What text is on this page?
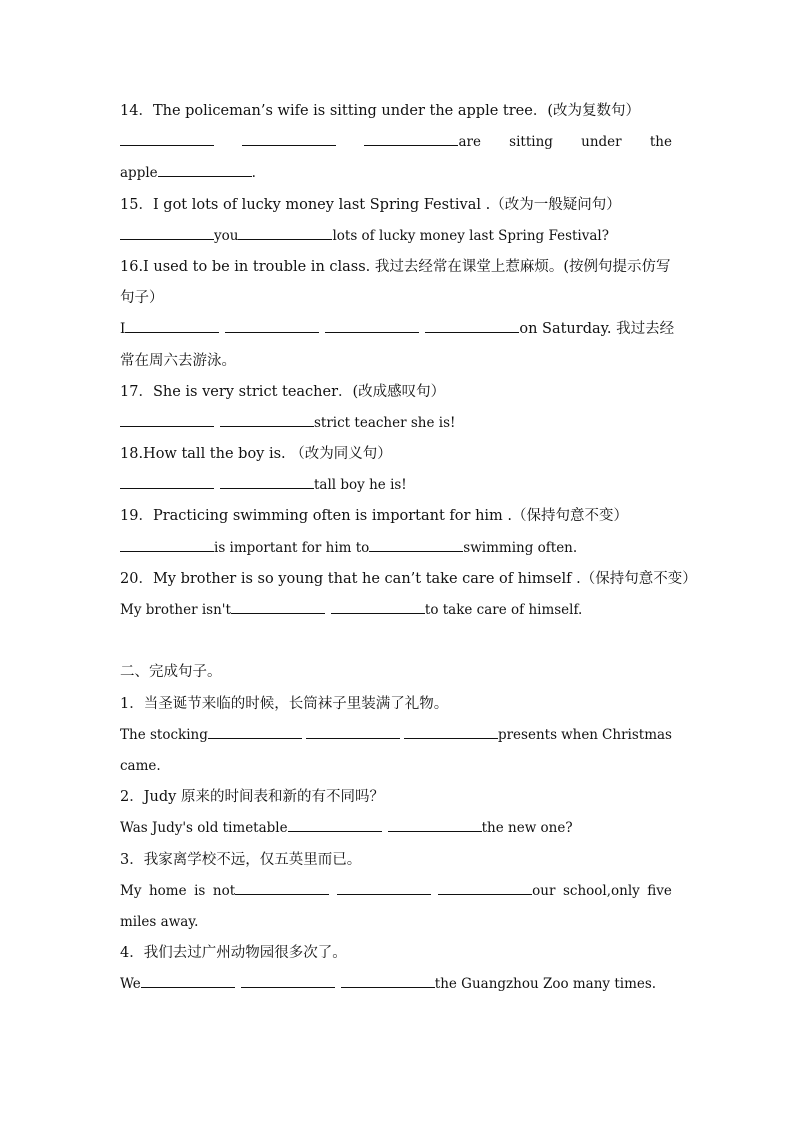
14．The policeman’s wife is sitting under the apple tree．(改为复数句）
are sitting under the
apple	.
15．I got lots of lucky money last Spring Festival .（改为一般疑问句）
you	lots of lucky money last Spring Festival?
16.I used to be in trouble in class. 我过去经常在课堂上惹麻烦。(按例句提示仿写
句子）
I	on Saturday. 我过去经
常在周六去游泳。
17．She is very strict teacher．(改成感叹句）
strict teacher she is!
18.How tall the boy is. （改为同义句）
tall boy he is!
19．Practicing swimming often is important for him .（保持句意不变）
is important for him to	swimming often.
20．My brother is so young that he can’t take care of himself .（保持句意不变）
My brother isn't	to take care of himself.
二、完成句子。
1．当圣诞节来临的时候，长筒袜子里装满了礼物。
The stocking	presents when Christmas
came.
2．Judy 原来的时间表和新的有不同吗？
Was Judy's old timetable	the new one?
3．我家离学校不远，仅五英里而已。
My home is not	our school,only five
miles away.
4．我们去过广州动物园很多次了。
We	the Guangzhou Zoo many times.
